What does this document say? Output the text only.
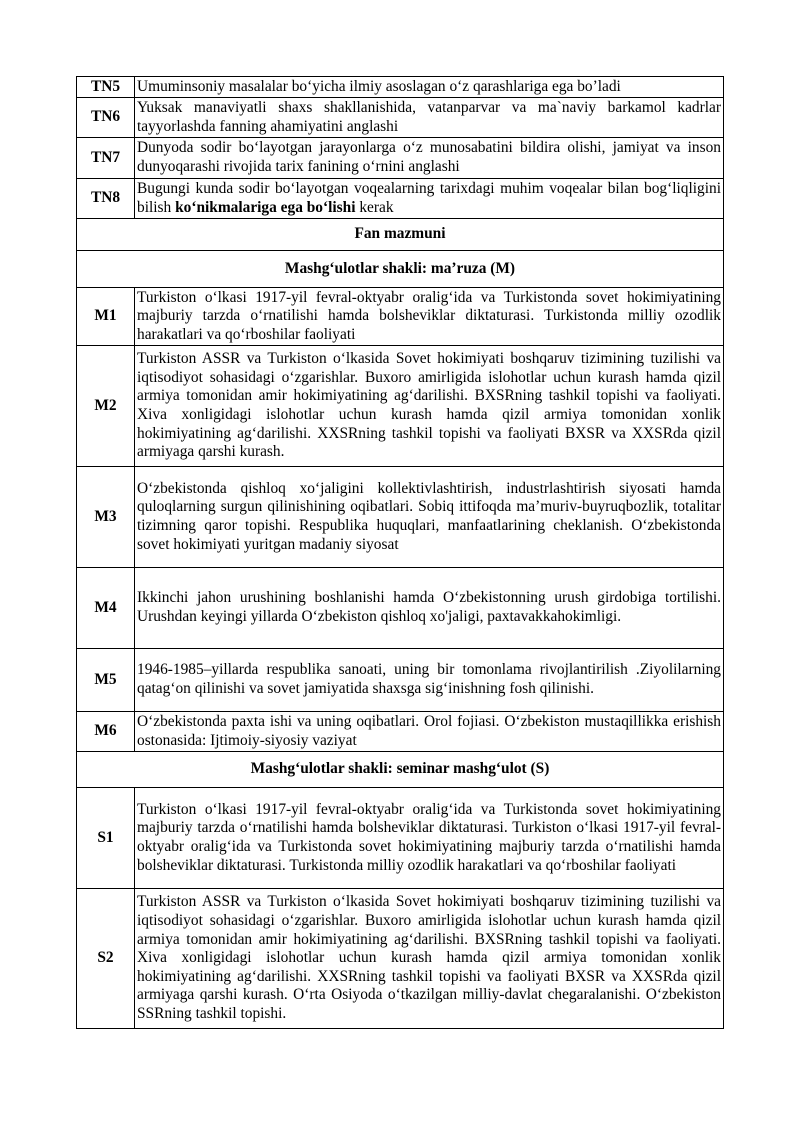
TN5	Umuminsoniy masalalar bo‘yicha ilmiy asoslagan o‘z qarashlariga ega bo’ladi
TN6	Yuksak manaviyatli shaxs shakllanishida, vatanparvar va ma`naviy barkamol kadrlar tayyorlashda fanning ahamiyatini anglashi
TN7	Dunyoda sodir bo‘layotgan jarayonlarga o‘z munosabatini bildira olishi, jamiyat va inson dunyoqarashi rivojida tarix fanining o‘rnini anglashi
TN8	Bugungi kunda sodir bo‘layotgan voqealarning tarixdagi muhim voqealar bilan bog‘liqligini bilish ko‘nikmalariga ega bo‘lishi kerak
Fan mazmuni	
Mashg‘ulotlar shakli: ma’ruza (M)	
M1	Turkiston o‘lkasi 1917-yil fevral-oktyabr oralig‘ida va Turkistonda sovet hokimiyatining majburiy tarzda o‘rnatilishi hamda bolsheviklar diktaturasi. Turkistonda milliy ozodlik harakatlari va qo‘rboshilar faoliyati
M2	Turkiston ASSR va Turkiston o‘lkasida Sovet hokimiyati boshqaruv tizimining tuzilishi va iqtisodiyot sohasidagi o‘zgarishlar. Buxoro amirligida islohotlar uchun kurash hamda qizil armiya tomonidan amir hokimiyatining ag‘darilishi. BXSRning tashkil topishi va faoliyati. Xiva xonligidagi islohotlar uchun kurash hamda qizil armiya tomonidan xonlik hokimiyatining ag‘darilishi. XXSRning tashkil topishi va faoliyati BXSR va XXSRda qizil armiyaga qarshi kurash.
M3	O‘zbekistonda qishloq xo‘jaligini kollektivlashtirish, industrlashtirish siyosati hamda quloqlarning surgun qilinishining oqibatlari. Sobiq ittifoqda ma’muriv-buyruqbozlik, totalitar tizimning qaror topishi. Respublika huquqlari, manfaatlarining cheklanish. O‘zbekistonda sovet hokimiyati yuritgan madaniy siyosat
M4	Ikkinchi jahon urushining boshlanishi hamda O‘zbekistonning urush girdobiga tortilishi. Urushdan keyingi yillarda O‘zbekiston qishloq xo'jaligi, paxtavakkahokimligi.
M5	1946-1985–yillarda respublika sanoati, uning bir tomonlama rivojlantirilish .Ziyolilarning qatag‘on qilinishi va sovet jamiyatida shaxsga sig‘inishning fosh qilinishi.
M6	O‘zbekistonda paxta ishi va uning oqibatlari. Orol fojiasi. O‘zbekiston mustaqillikka erishish ostonasida: Ijtimoiy-siyosiy vaziyat
Mashg‘ulotlar shakli: seminar mashg‘ulot (S)	
S1	Turkiston o‘lkasi 1917-yil fevral-oktyabr oralig‘ida va Turkistonda sovet hokimiyatining majburiy tarzda o‘rnatilishi hamda bolsheviklar diktaturasi. Turkiston o‘lkasi 1917-yil fevral-oktyabr oralig‘ida va Turkistonda sovet hokimiyatining majburiy tarzda o‘rnatilishi hamda bolsheviklar diktaturasi. Turkistonda milliy ozodlik harakatlari va qo‘rboshilar faoliyati
S2	Turkiston ASSR va Turkiston o‘lkasida Sovet hokimiyati boshqaruv tizimining tuzilishi va iqtisodiyot sohasidagi o‘zgarishlar. Buxoro amirligida islohotlar uchun kurash hamda qizil armiya tomonidan amir hokimiyatining ag‘darilishi. BXSRning tashkil topishi va faoliyati. Xiva xonligidagi islohotlar uchun kurash hamda qizil armiya tomonidan xonlik hokimiyatining ag‘darilishi. XXSRning tashkil topishi va faoliyati BXSR va XXSRda qizil armiyaga qarshi kurash. O‘rta Osiyoda o‘tkazilgan milliy-davlat chegaralanishi. O‘zbekiston SSRning tashkil topishi.
